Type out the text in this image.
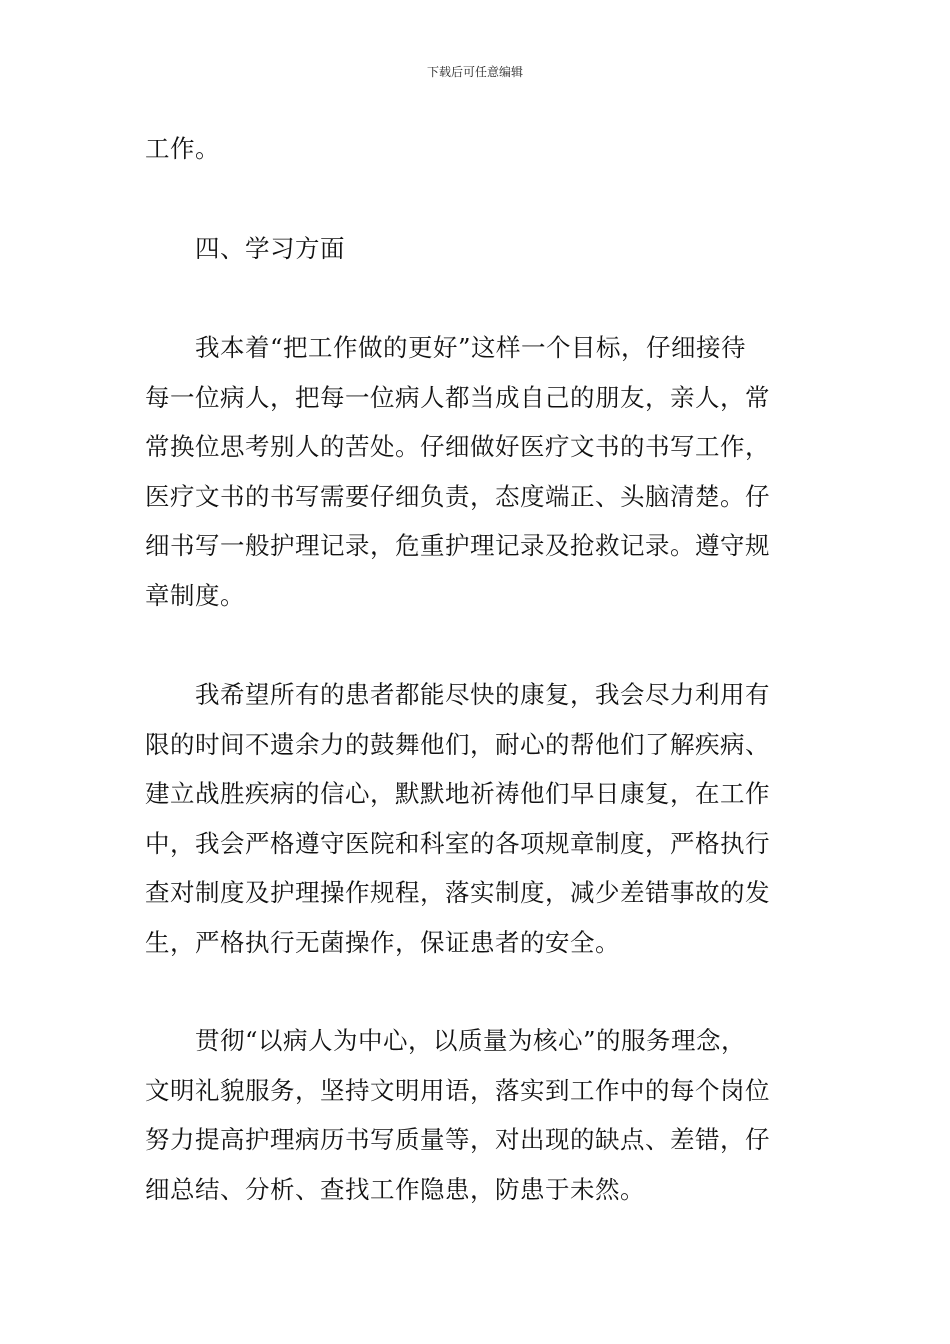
下载后可任意编辑
工作。
　　四、学习方面
　　我本着“把工作做的更好”这样一个目标，仔细接待
每一位病人，把每一位病人都当成自己的朋友，亲人，常
常换位思考别人的苦处。仔细做好医疗文书的书写工作，
医疗文书的书写需要仔细负责，态度端正、头脑清楚。仔
细书写一般护理记录，危重护理记录及抢救记录。遵守规
章制度。
　　我希望所有的患者都能尽快的康复，我会尽力利用有
限的时间不遗余力的鼓舞他们，耐心的帮他们了解疾病、
建立战胜疾病的信心，默默地祈祷他们早日康复，在工作
中，我会严格遵守医院和科室的各项规章制度，严格执行
查对制度及护理操作规程，落实制度，减少差错事故的发
生，严格执行无菌操作，保证患者的安全。
　　贯彻“以病人为中心，以质量为核心”的服务理念，
文明礼貌服务，坚持文明用语，落实到工作中的每个岗位
努力提高护理病历书写质量等，对出现的缺点、差错，仔
细总结、分析、查找工作隐患，防患于未然。
